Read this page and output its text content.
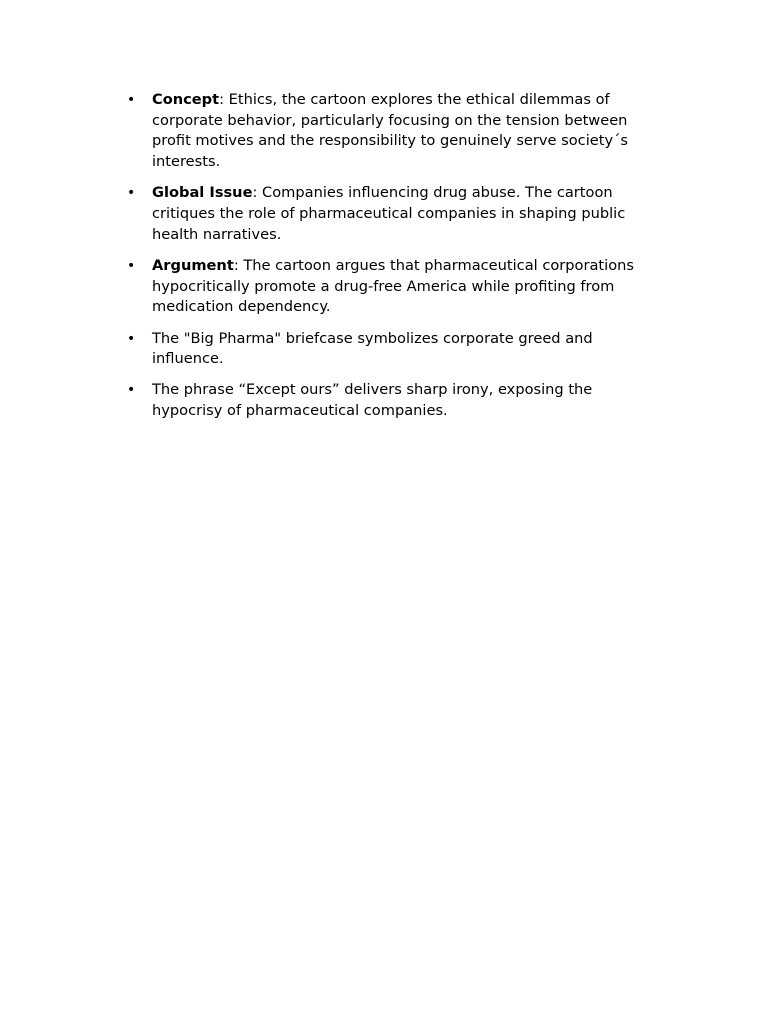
• Concept: Ethics, the cartoon explores the ethical dilemmas of corporate behavior, particularly focusing on the tension between profit motives and the responsibility to genuinely serve society´s interests.
• Global Issue: Companies influencing drug abuse. The cartoon critiques the role of pharmaceutical companies in shaping public health narratives.
• Argument: The cartoon argues that pharmaceutical corporations hypocritically promote a drug-free America while profiting from medication dependency.
• The "Big Pharma" briefcase symbolizes corporate greed and influence.
• The phrase “Except ours” delivers sharp irony, exposing the hypocrisy of pharmaceutical companies.
